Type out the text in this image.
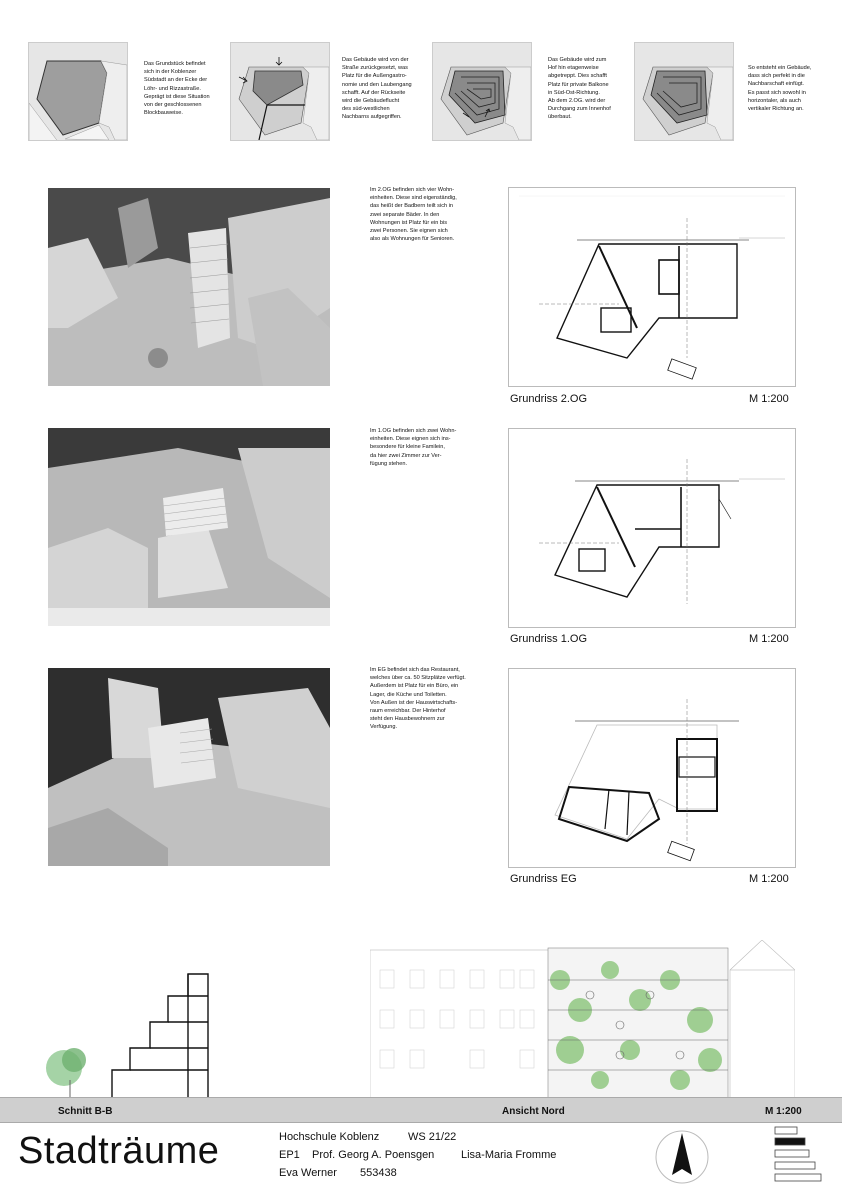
Das Grundstück befindet
sich in der Koblenzer
Südstadt an der Ecke der
Löhr- und Rizzastraße.
Geprägt ist diese Situation
von der geschlossenen
Blockbauweise.
Das Gebäude wird von der
Straße zurückgesetzt, was
Platz für die Außengastro-
nomie und den Laubengang
schafft. Auf der Rückseite
wird die Gebäudeflucht
des süd-westlichen
Nachbarns aufgegriffen.
Das Gebäude wird zum
Hof hin etagenweise
abgetreppt. Dies schafft
Platz für private Balkone
in Süd-Ost-Richtung.
Ab dem 2.OG. wird der
Durchgang zum Innenhof
überbaut.
So entsteht ein Gebäude,
dass sich perfekt in die
Nachbarschaft einfügt.
Es passt sich sowohl in
horizontaler, als auch
vertikaler Richtung an.
Im 2.OG befinden sich vier Wohn-
einheiten. Diese sind eigenständig,
das heißt der Badbern teilt sich in
zwei separate Bäder. In den
Wohnungen ist Platz für ein bis
zwei Personen. Sie eignen sich
also als Wohnungen für Senioren.
Grundriss 2.OG	M 1:200
Im 1.OG befinden sich zwei Wohn-
einheiten. Diese eignen sich ins-
besondere für kleine Familein,
da hier zwei Zimmer zur Ver-
fügung stehen.
Grundriss 1.OG	M 1:200
Im EG befindet sich das Restaurant,
welches über ca. 50 Sitzplätze verfügt.
Außerdem ist Platz für ein Büro, ein
Lager, die Küche und Toiletten.
Von Außen ist der Hauswirtschafts-
raum erreichbar. Der Hinterhof
steht den Hausbewohnern zur
Verfügung.
Grundriss EG	M 1:200
Schnitt B-B	Ansicht Nord	M 1:200
Stadträume	Hochschule Koblenz	WS 21/22
EP1 Prof. Georg A. Poensgen Lisa-Maria Fromme
Eva Werner 553438
